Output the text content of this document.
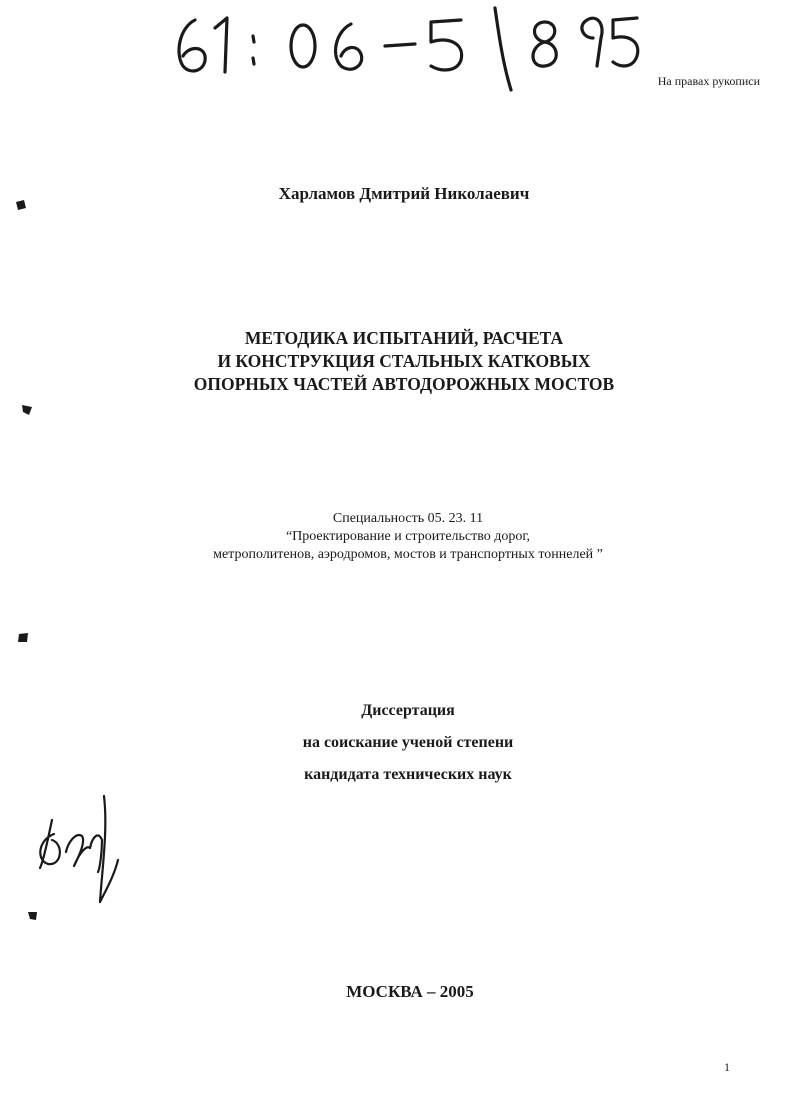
На правах рукописи
Харламов Дмитрий Николаевич
МЕТОДИКА ИСПЫТАНИЙ, РАСЧЕТА
И КОНСТРУКЦИЯ СТАЛЬНЫХ КАТКОВЫХ
ОПОРНЫХ ЧАСТЕЙ АВТОДОРОЖНЫХ МОСТОВ
Специальность 05. 23. 11
“Проектирование и строительство дорог,
метрополитенов, аэродромов, мостов и транспортных тоннелей ”
Диссертация
на соискание ученой степени
кандидата технических наук
МОСКВА – 2005
1
